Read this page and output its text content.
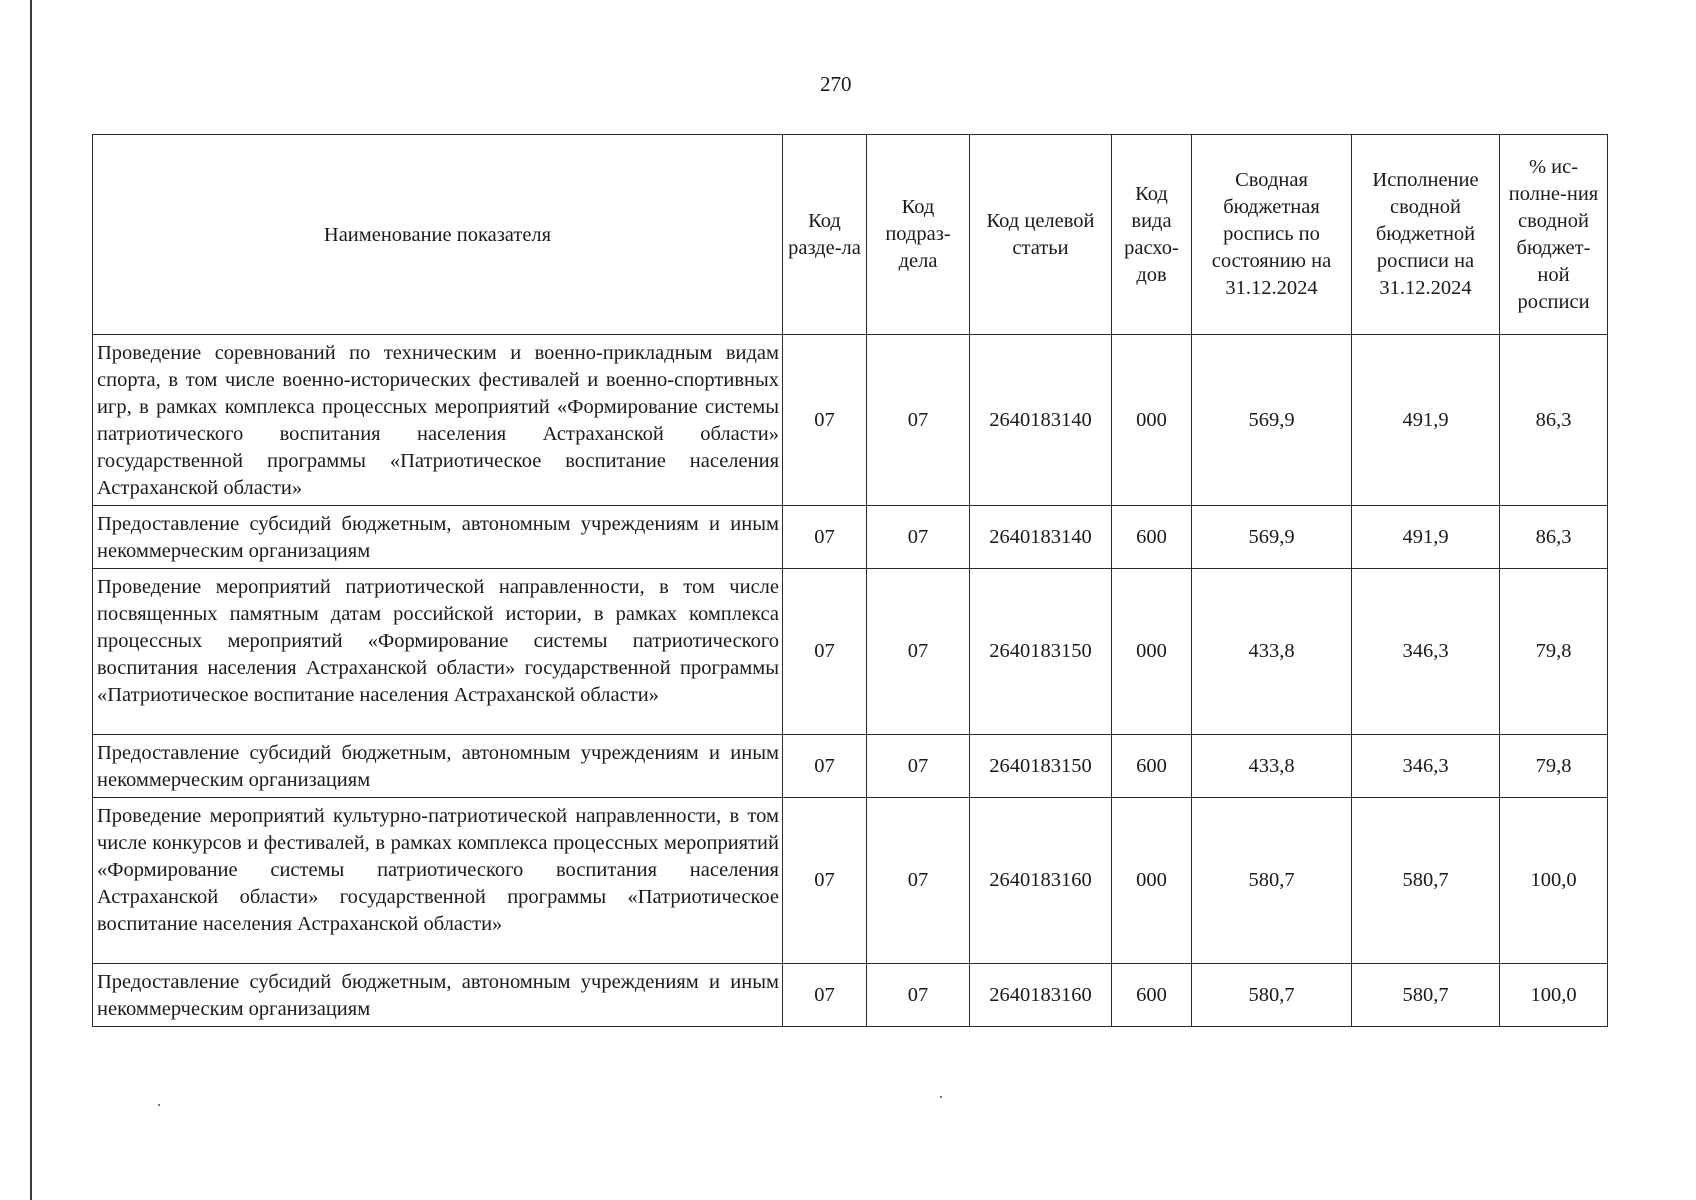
270
Наименование показателя	Код разде-ла	Код подраз-дела	Код целевой статьи	Код вида расхо-дов	Сводная бюджетная роспись по состоянию на 31.12.2024	Исполнение сводной бюджетной росписи на 31.12.2024	% ис-полне-ния сводной бюджет-ной росписи
Проведение соревнований по техническим и военно-прикладным видам спорта, в том числе военно-исторических фестивалей и военно-спортивных игр, в рамках комплекса процессных мероприятий «Формирование системы патриотического воспитания населения Астраханской области» государственной программы «Патриотическое воспитание населения Астраханской области»	07	07	2640183140	000	569,9	491,9	86,3
Предоставление субсидий бюджетным, автономным учреждениям и иным некоммерческим организациям	07	07	2640183140	600	569,9	491,9	86,3
Проведение мероприятий патриотической направленности, в том числе посвященных памятным датам российской истории, в рамках комплекса процессных мероприятий «Формирование системы патриотического воспитания населения Астраханской области» государственной программы «Патриотическое воспитание населения Астраханской области»	07	07	2640183150	000	433,8	346,3	79,8
Предоставление субсидий бюджетным, автономным учреждениям и иным некоммерческим организациям	07	07	2640183150	600	433,8	346,3	79,8
Проведение мероприятий культурно-патриотической направленности, в том числе конкурсов и фестивалей, в рамках комплекса процессных мероприятий «Формирование системы патриотического воспитания населения Астраханской области» государственной программы «Патриотическое воспитание населения Астраханской области»	07	07	2640183160	000	580,7	580,7	100,0
Предоставление субсидий бюджетным, автономным учреждениям и иным некоммерческим организациям	07	07	2640183160	600	580,7	580,7	100,0
